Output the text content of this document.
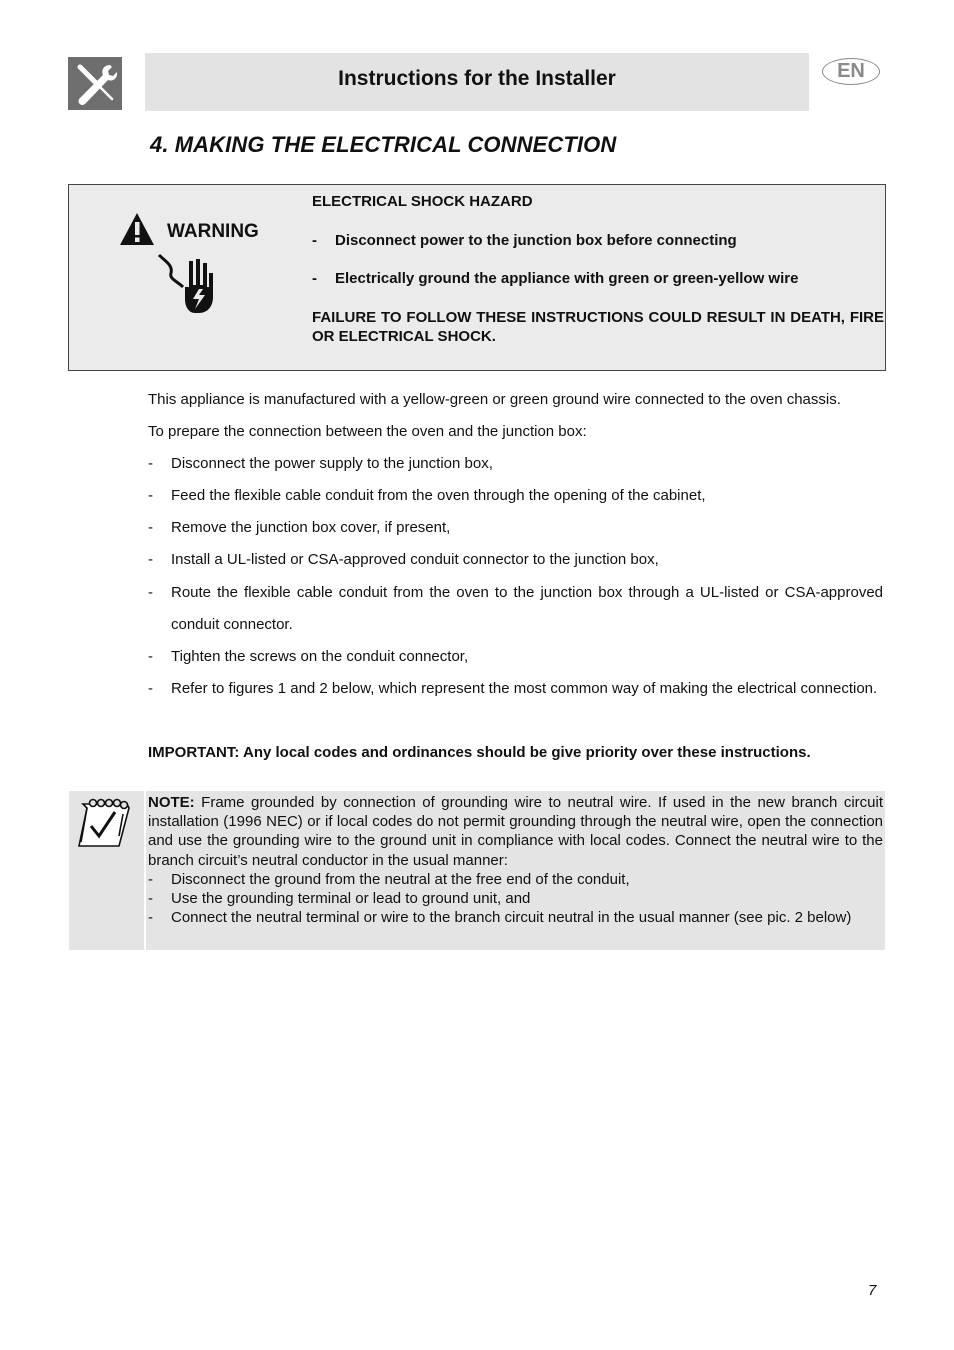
Instructions for the Installer	EN
4. MAKING THE ELECTRICAL CONNECTION
WARNING
ELECTRICAL SHOCK HAZARD
- Disconnect power to the junction box before connecting
- Electrically ground the appliance with green or green-yellow wire
FAILURE TO FOLLOW THESE INSTRUCTIONS COULD RESULT IN DEATH, FIRE OR ELECTRICAL SHOCK.
This appliance is manufactured with a yellow-green or green ground wire connected to the oven chassis.
To prepare the connection between the oven and the junction box:
- Disconnect the power supply to the junction box,
- Feed the flexible cable conduit from the oven through the opening of the cabinet,
- Remove the junction box cover, if present,
- Install a UL-listed or CSA-approved conduit connector to the junction box,
- Route the flexible cable conduit from the oven to the junction box through a UL-listed or CSA-approved conduit connector.
- Tighten the screws on the conduit connector,
- Refer to figures 1 and 2 below, which represent the most common way of making the electrical connection.
IMPORTANT: Any local codes and ordinances should be give priority over these instructions.

NOTE: Frame grounded by connection of grounding wire to neutral wire. If used in the new branch circuit installation (1996 NEC) or if local codes do not permit grounding through the neutral wire, open the connection and use the grounding wire to the ground unit in compliance with local codes. Connect the neutral wire to the branch circuit’s neutral conductor in the usual manner:

- Disconnect the ground from the neutral at the free end of the conduit,
- Use the grounding terminal or lead to ground unit, and
- Connect the neutral terminal or wire to the branch circuit neutral in the usual manner (see pic. 2 below)
7
